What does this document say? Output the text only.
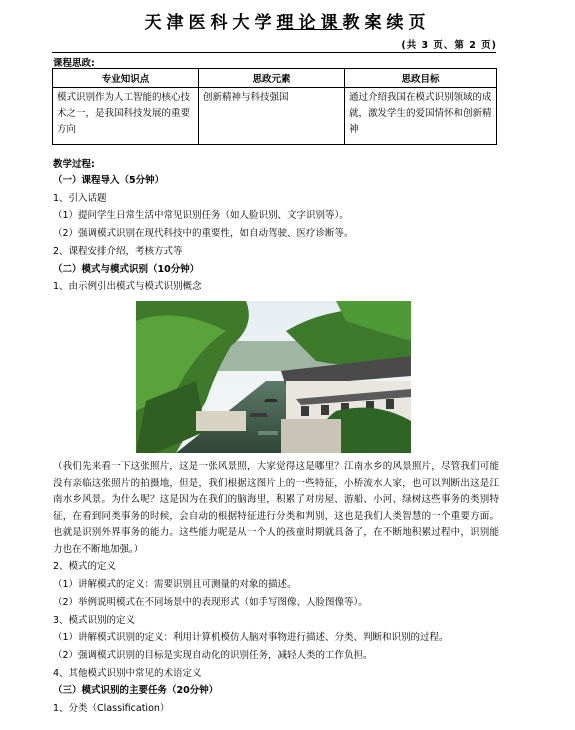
天津医科大学理论课教案续页
(共 3 页、第 2 页)
课程思政:
专业知识点	思政元素	思政目标
模式识别作为人工智能的核心技术之一，是我国科技发展的重要方向	创新精神与科技强国	通过介绍我国在模式识别领域的成就，激发学生的爱国情怀和创新精神
教学过程:

（一）课程导入（5分钟）

1、引入话题

（1）提问学生日常生活中常见识别任务（如人脸识别、文字识别等）。

（2）强调模式识别在现代科技中的重要性，如自动驾驶、医疗诊断等。

2、课程安排介绍，考核方式等

（二）模式与模式识别（10分钟）

1、由示例引出模式与模式识别概念

（我们先来看一下这张照片，这是一张风景照，大家觉得这是哪里？江南水乡的风景照片，尽管我们可能没有亲临这张照片的拍摄地，但是，我们根据这图片上的一些特征，小桥流水人家，也可以判断出这是江南水乡风景。为什么呢？这是因为在我们的脑海里，积累了对房屋、游船、小河、绿树这些事务的类别特征，在看到同类事务的时候，会自动的根据特征进行分类和判别，这也是我们人类智慧的一个重要方面。也就是识别外界事务的能力。这些能力呢是从一个人的孩童时期就具备了，在不断地积累过程中，识别能力也在不断地加强。）

2、模式的定义

（1）讲解模式的定义：需要识别且可测量的对象的描述。

（2）举例说明模式在不同场景中的表现形式（如手写图像、人脸图像等）。

3、模式识别的定义

（1）讲解模式识别的定义：利用计算机模仿人脑对事物进行描述、分类、判断和识别的过程。

（2）强调模式识别的目标是实现自动化的识别任务，减轻人类的工作负担。

4、其他模式识别中常见的术语定义

（三）模式识别的主要任务（20分钟）

1、分类（Classification）
